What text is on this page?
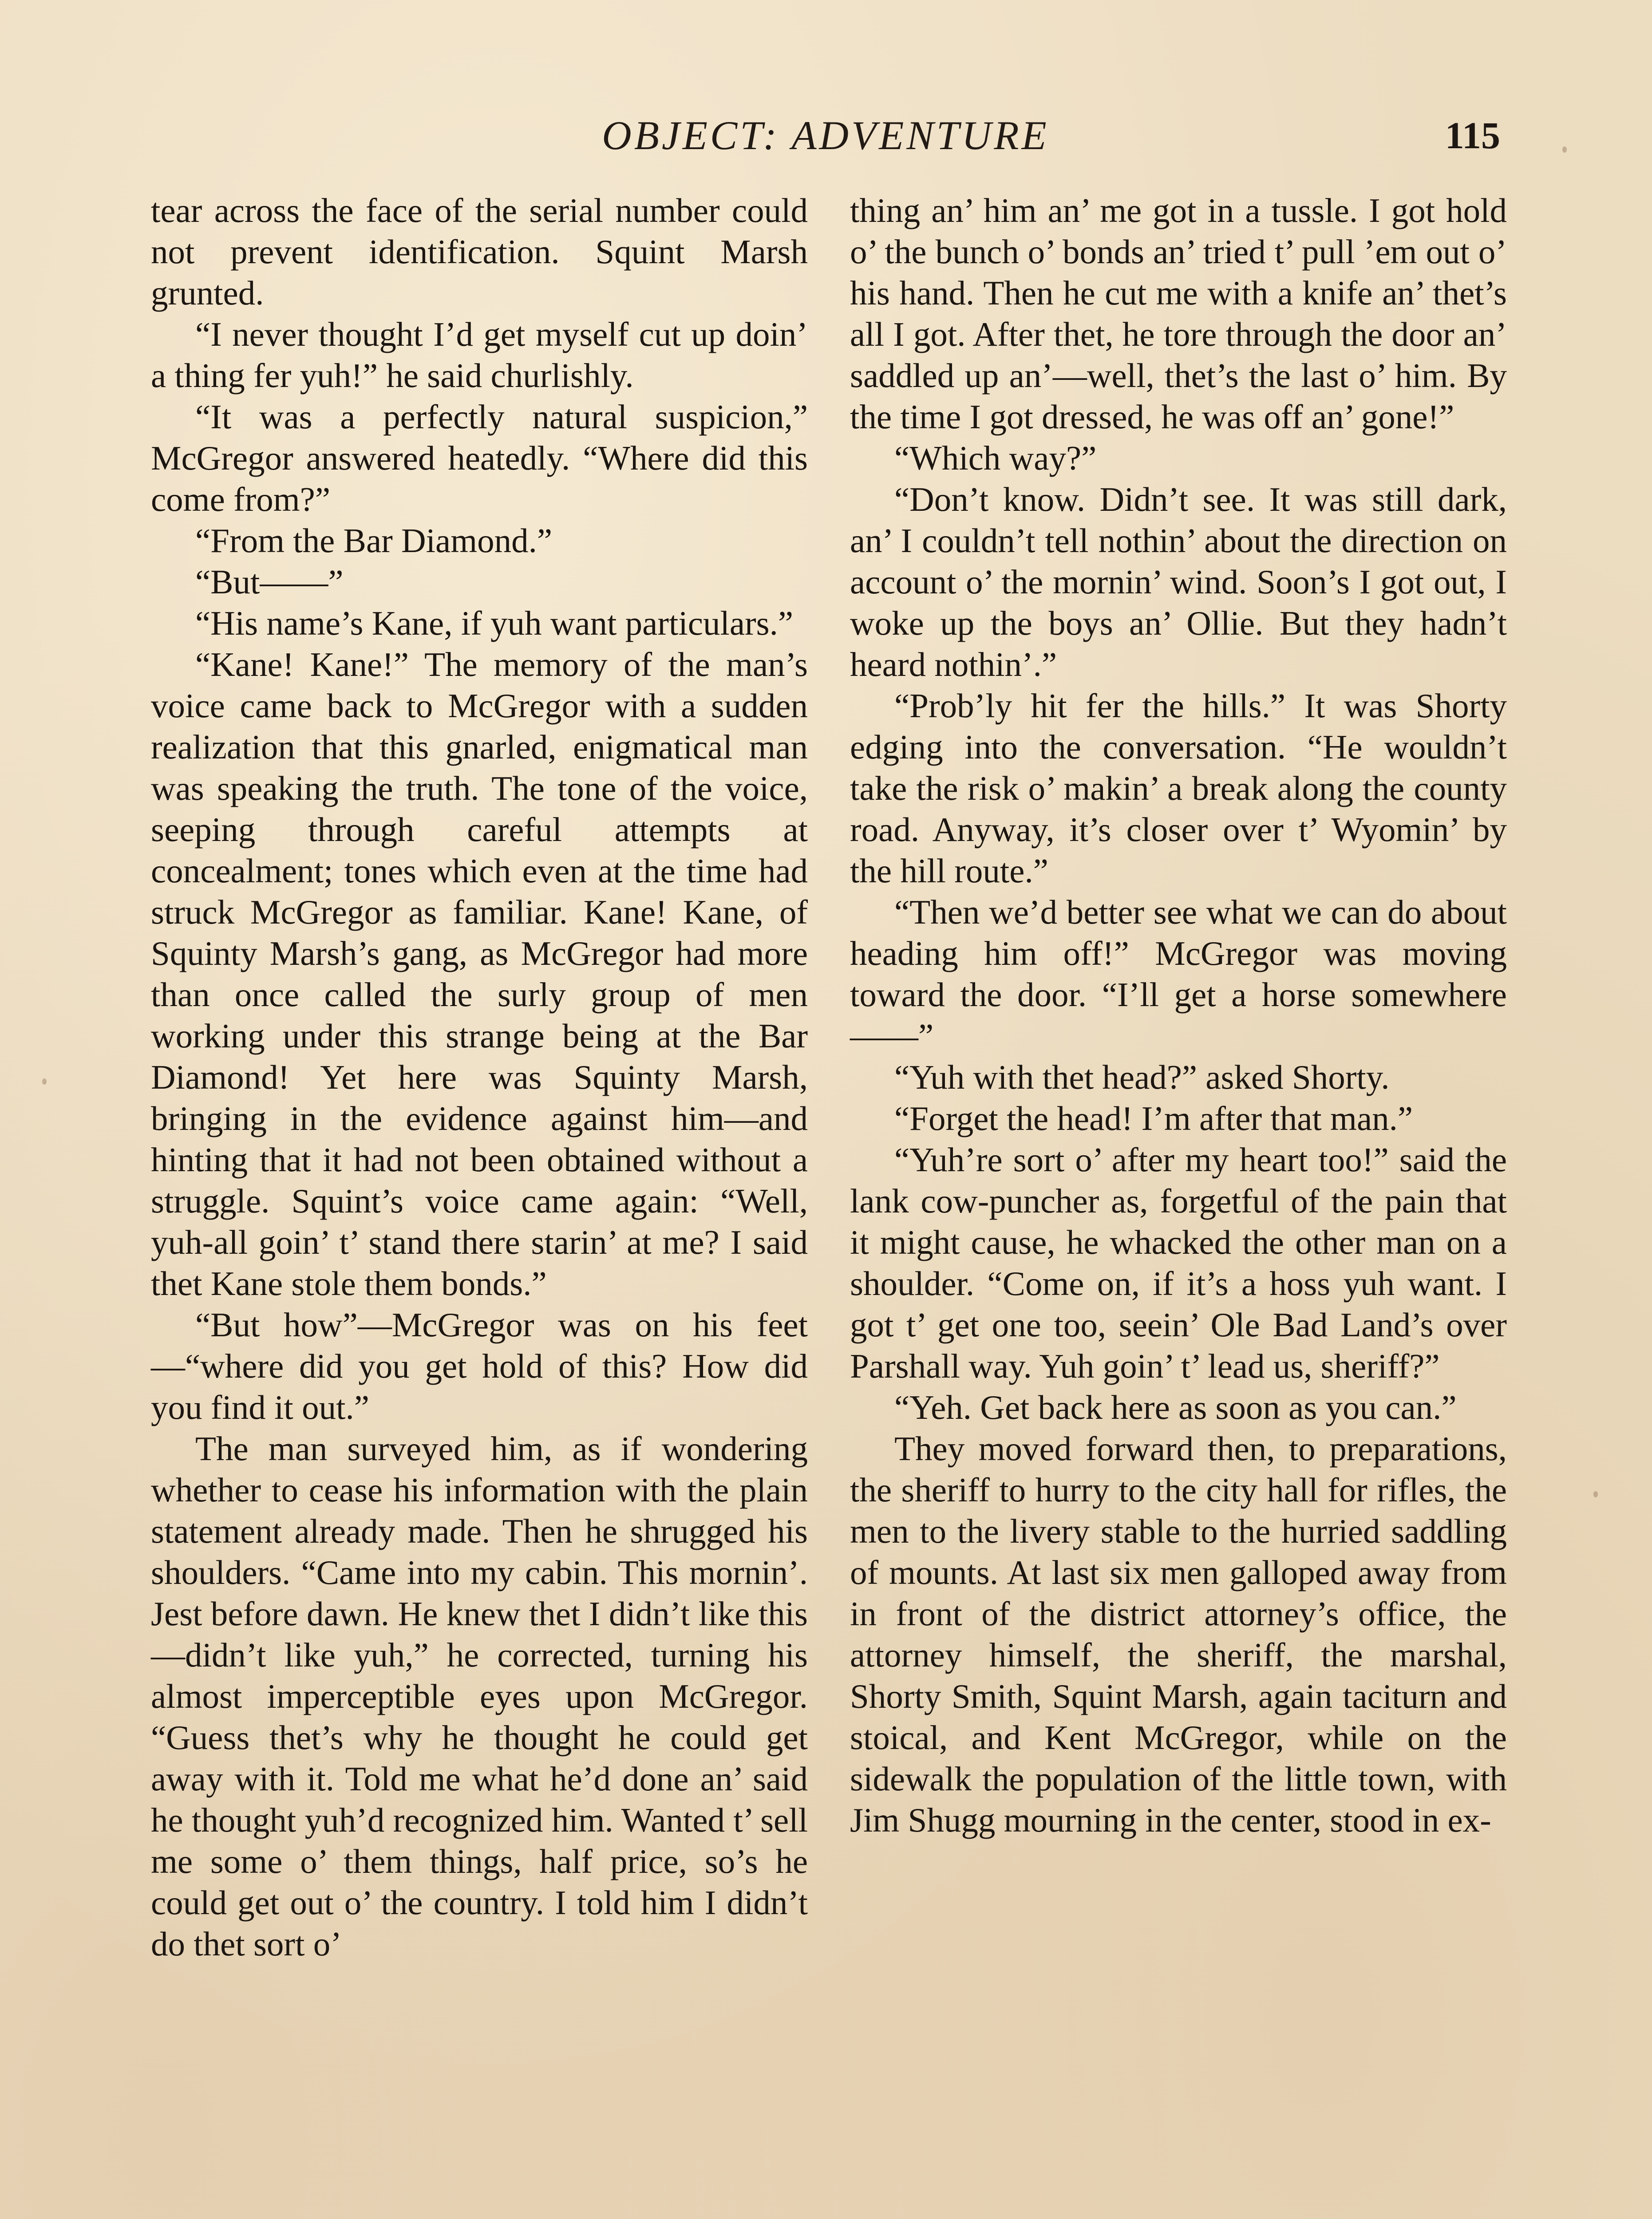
OBJECT: ADVENTURE	115

tear across the face of the serial number could not prevent identification. Squint Marsh grunted.

“I never thought I’d get myself cut up doin’ a thing fer yuh!” he said churlishly.

“It was a perfectly natural suspicion,” McGregor answered heatedly. “Where did this come from?”

“From the Bar Diamond.”

“But——”

“His name’s Kane, if yuh want particulars.”

“Kane! Kane!” The memory of the man’s voice came back to McGregor with a sudden realization that this gnarled, enigmatical man was speaking the truth. The tone of the voice, seeping through careful attempts at concealment; tones which even at the time had struck McGregor as familiar. Kane! Kane, of Squinty Marsh’s gang, as McGregor had more than once called the surly group of men working under this strange being at the Bar Diamond! Yet here was Squinty Marsh, bringing in the evidence against him—and hinting that it had not been obtained without a struggle. Squint’s voice came again: “Well, yuh-all goin’ t’ stand there starin’ at me? I said thet Kane stole them bonds.”

“But how”—McGregor was on his feet—“where did you get hold of this? How did you find it out.”

The man surveyed him, as if wondering whether to cease his information with the plain statement already made. Then he shrugged his shoulders. “Came into my cabin. This mornin’. Jest before dawn. He knew thet I didn’t like this—didn’t like yuh,” he corrected, turning his almost imperceptible eyes upon McGregor. “Guess thet’s why he thought he could get away with it. Told me what he’d done an’ said he thought yuh’d recognized him. Wanted t’ sell me some o’ them things, half price, so’s he could get out o’ the country. I told him I didn’t do thet sort o’

thing an’ him an’ me got in a tussle. I got hold o’ the bunch o’ bonds an’ tried t’ pull ’em out o’ his hand. Then he cut me with a knife an’ thet’s all I got. After thet, he tore through the door an’ saddled up an’—well, thet’s the last o’ him. By the time I got dressed, he was off an’ gone!”

“Which way?”

“Don’t know. Didn’t see. It was still dark, an’ I couldn’t tell nothin’ about the direction on account o’ the mornin’ wind. Soon’s I got out, I woke up the boys an’ Ollie. But they hadn’t heard nothin’.”

“Prob’ly hit fer the hills.” It was Shorty edging into the conversation. “He wouldn’t take the risk o’ makin’ a break along the county road. Anyway, it’s closer over t’ Wyomin’ by the hill route.”

“Then we’d better see what we can do about heading him off!” McGregor was moving toward the door. “I’ll get a horse somewhere——”

“Yuh with thet head?” asked Shorty.

“Forget the head! I’m after that man.”

“Yuh’re sort o’ after my heart too!” said the lank cow-puncher as, forgetful of the pain that it might cause, he whacked the other man on a shoulder. “Come on, if it’s a hoss yuh want. I got t’ get one too, seein’ Ole Bad Land’s over Parshall way. Yuh goin’ t’ lead us, sheriff?”

“Yeh. Get back here as soon as you can.”

They moved forward then, to preparations, the sheriff to hurry to the city hall for rifles, the men to the livery stable to the hurried saddling of mounts. At last six men galloped away from in front of the district attorney’s office, the attorney himself, the sheriff, the marshal, Shorty Smith, Squint Marsh, again taciturn and stoical, and Kent McGregor, while on the sidewalk the population of the little town, with Jim Shugg mourning in the center, stood in ex-
